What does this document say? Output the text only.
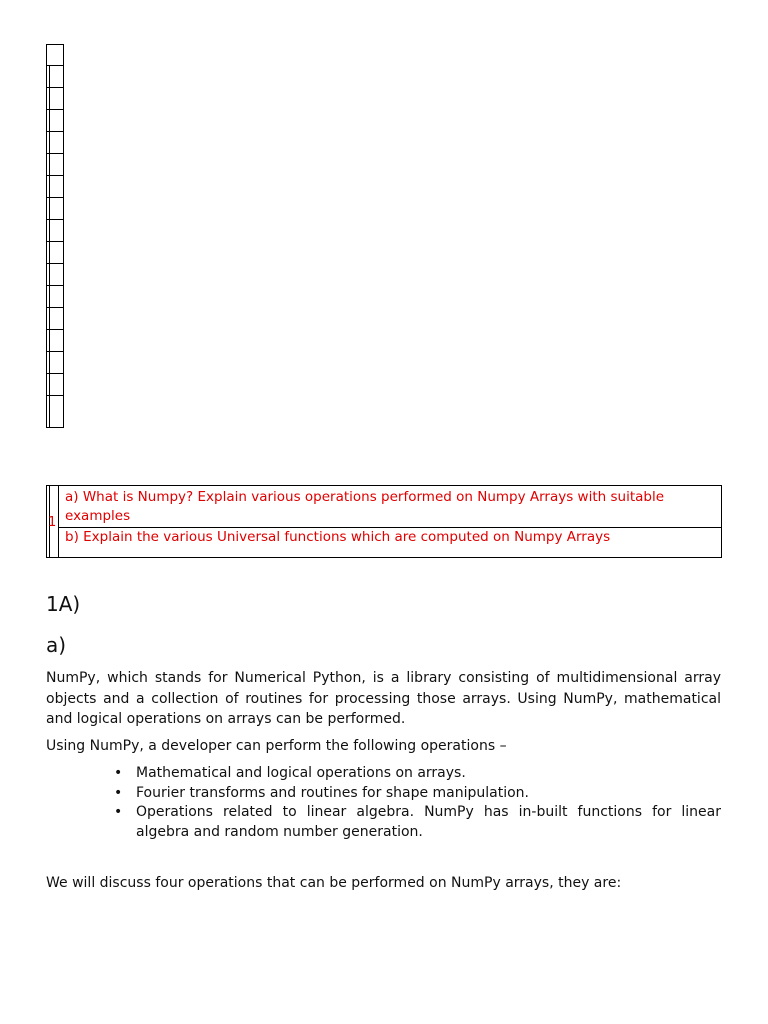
1
a) What is Numpy? Explain various operations performed on Numpy Arrays with suitable examples
b) Explain the various Universal functions which are computed on Numpy Arrays
1A)
a)

NumPy, which stands for Numerical Python, is a library consisting of multidimensional array objects and a collection of routines for processing those arrays. Using NumPy, mathematical and logical operations on arrays can be performed.

Using NumPy, a developer can perform the following operations –

• Mathematical and logical operations on arrays.
• Fourier transforms and routines for shape manipulation.
• Operations related to linear algebra. NumPy has in-built functions for linear algebra and random number generation.

We will discuss four operations that can be performed on NumPy arrays, they are:
